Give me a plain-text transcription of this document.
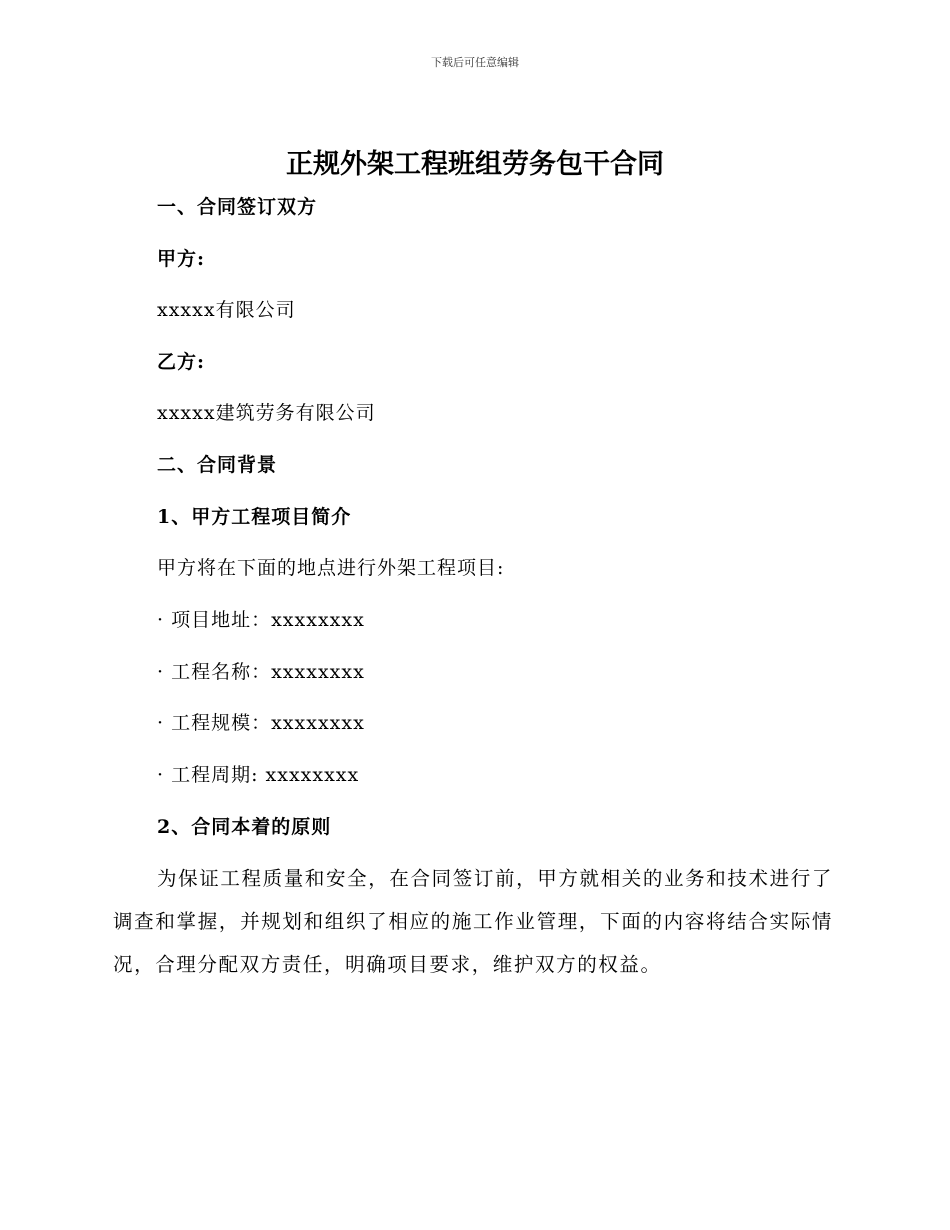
下载后可任意编辑
正规外架工程班组劳务包干合同
一、合同签订双方
甲方:
xxxxx有限公司
乙方:
xxxxx建筑劳务有限公司
二、合同背景
1、甲方工程项目简介
甲方将在下面的地点进行外架工程项目:
· 项目地址：xxxxxxxx
· 工程名称：xxxxxxxx
· 工程规模：xxxxxxxx
· 工程周期: xxxxxxxx
2、合同本着的原则
为保证工程质量和安全，在合同签订前，甲方就相关的业务和技术进行了调查和掌握，并规划和组织了相应的施工作业管理，下面的内容将结合实际情况，合理分配双方责任，明确项目要求，维护双方的权益。
